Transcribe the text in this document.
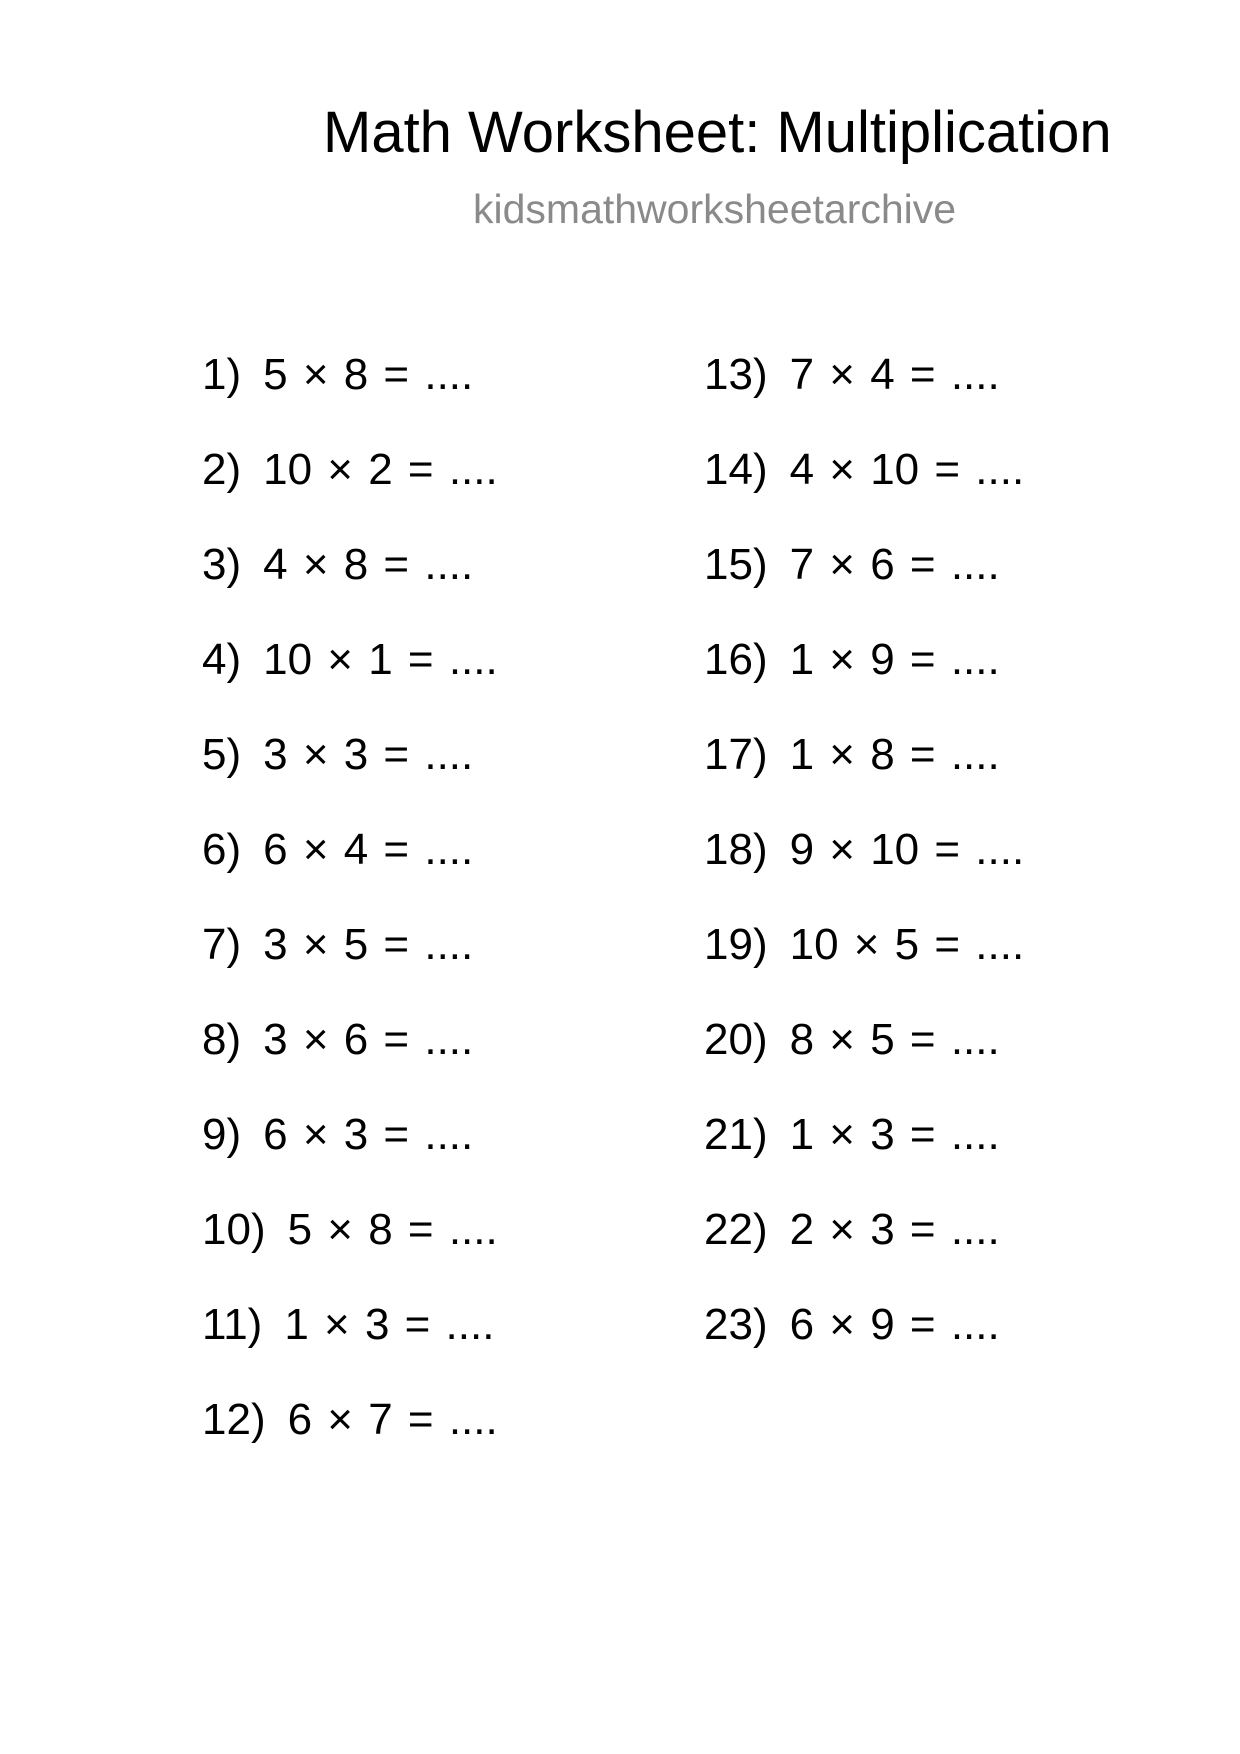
Math Worksheet: Multiplication
kidsmathworksheetarchive
1) 5 × 8 = ....
2) 10 × 2 = ....
3) 4 × 8 = ....
4) 10 × 1 = ....
5) 3 × 3 = ....
6) 6 × 4 = ....
7) 3 × 5 = ....
8) 3 × 6 = ....
9) 6 × 3 = ....
10) 5 × 8 = ....
11) 1 × 3 = ....
12) 6 × 7 = ....
13) 7 × 4 = ....
14) 4 × 10 = ....
15) 7 × 6 = ....
16) 1 × 9 = ....
17) 1 × 8 = ....
18) 9 × 10 = ....
19) 10 × 5 = ....
20) 8 × 5 = ....
21) 1 × 3 = ....
22) 2 × 3 = ....
23) 6 × 9 = ....
